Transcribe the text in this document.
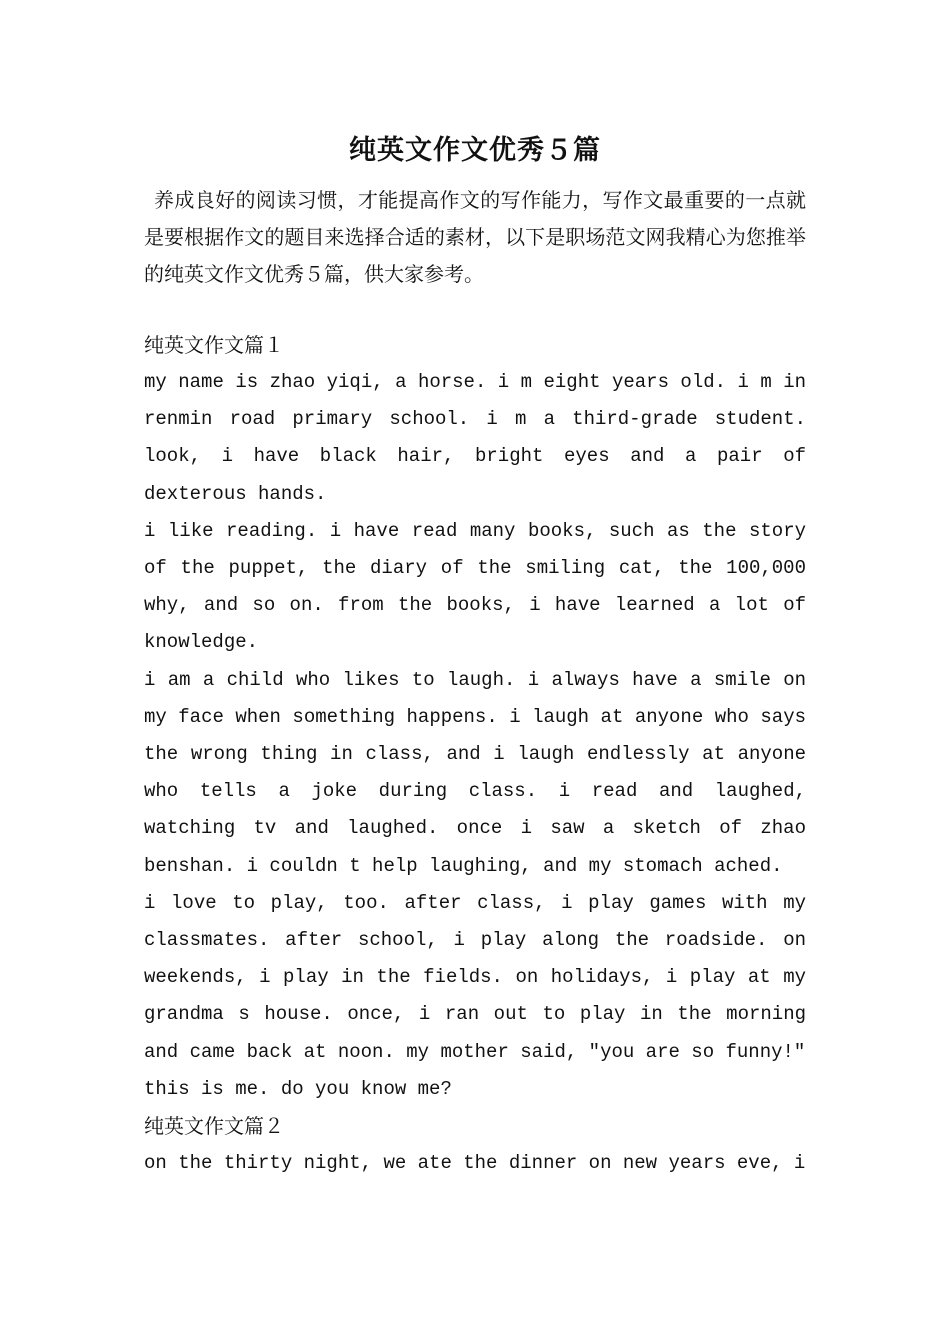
纯英文作文优秀５篇

养成良好的阅读习惯，才能提高作文的写作能力，写作文最重要的一点就是要根据作文的题目来选择合适的素材，以下是职场范文网我精心为您推举的纯英文作文优秀５篇，供大家参考。

纯英文作文篇１

my name is zhao yiqi, a horse. i m eight years old. i m in renmin road primary school. i m a third-grade student. look, i have black hair, bright eyes and a pair of dexterous hands.

i like reading. i have read many books, such as the story of the puppet, the diary of the smiling cat, the 100,000 why, and so on. from the books, i have learned a lot of knowledge.

i am a child who likes to laugh. i always have a smile on my face when something happens. i laugh at anyone who says the wrong thing in class, and i laugh endlessly at anyone who tells a joke during class. i read and laughed, watching tv and laughed. once i saw a sketch of zhao benshan. i couldn t help laughing, and my stomach ached.

i love to play, too. after class, i play games with my classmates. after school, i play along the roadside. on weekends, i play in the fields. on holidays, i play at my grandma s house. once, i ran out to play in the morning and came back at noon. my mother said, ″you are so funny!″

this is me. do you know me?

纯英文作文篇２

on the thirty night, we ate the dinner on new years eve, i
